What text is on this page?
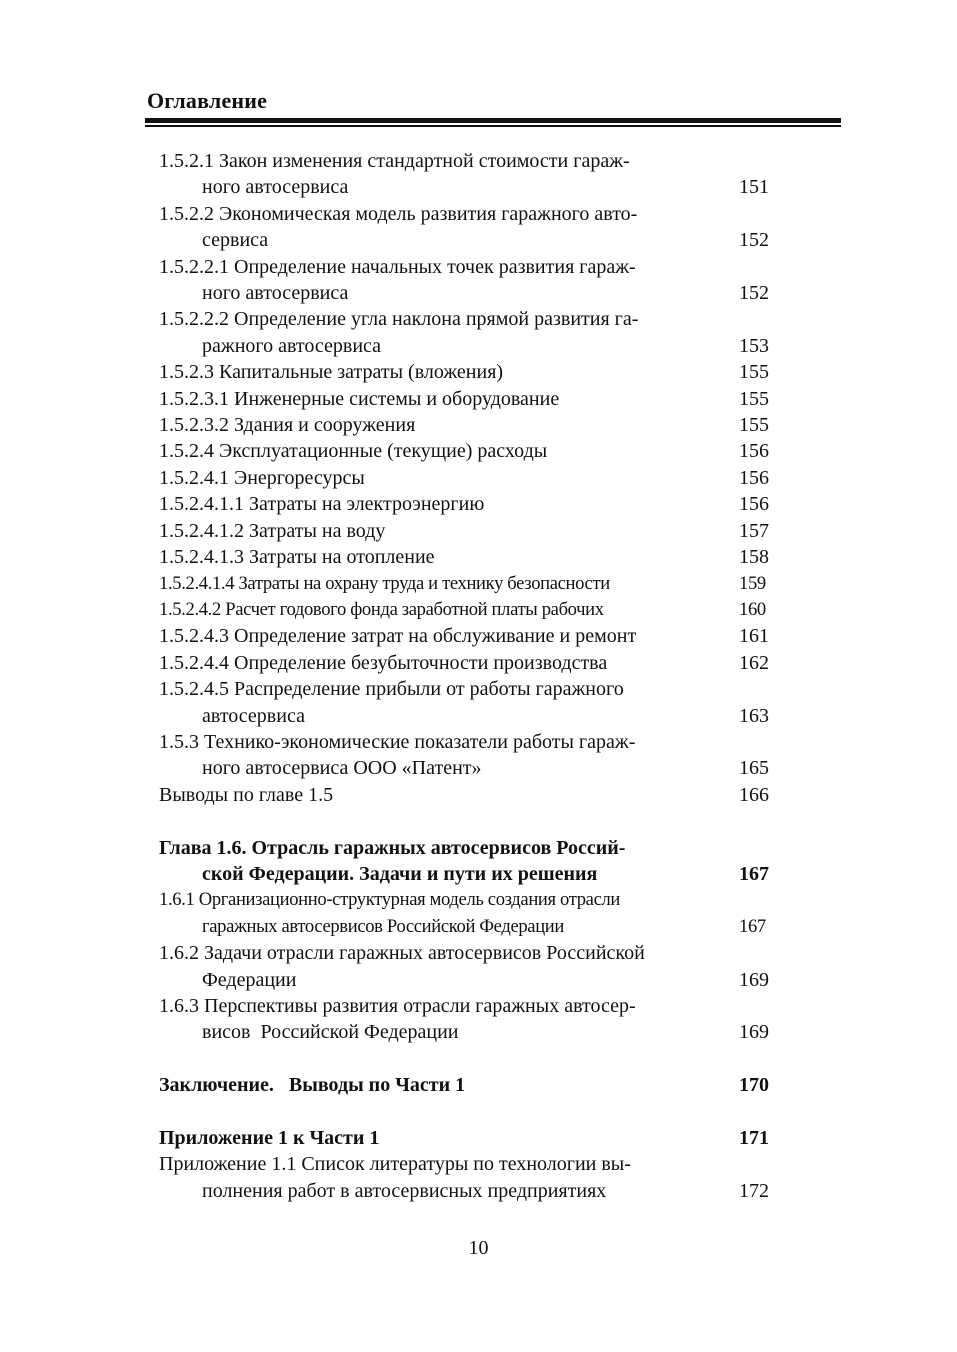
Оглавление
1.5.2.1 Закон изменения стандартной стоимости гараж-
ного автосервиса	151
1.5.2.2 Экономическая модель развития гаражного авто-
сервиса	152
1.5.2.2.1 Определение начальных точек развития гараж-
ного автосервиса	152
1.5.2.2.2 Определение угла наклона прямой развития га-
ражного автосервиса	153
1.5.2.3 Капитальные затраты (вложения)	155
1.5.2.3.1 Инженерные системы и оборудование	155
1.5.2.3.2 Здания и сооружения	155
1.5.2.4 Эксплуатационные (текущие) расходы	156
1.5.2.4.1 Энергоресурсы	156
1.5.2.4.1.1 Затраты на электроэнергию	156
1.5.2.4.1.2 Затраты на воду	157
1.5.2.4.1.3 Затраты на отопление	158
1.5.2.4.1.4 Затраты на охрану труда и технику безопасности	159
1.5.2.4.2 Расчет годового фонда заработной платы рабочих	160
1.5.2.4.3 Определение затрат на обслуживание и ремонт	161
1.5.2.4.4 Определение безубыточности производства	162
1.5.2.4.5 Распределение прибыли от работы гаражного
автосервиса	163
1.5.3 Технико-экономические показатели работы гараж-
ного автосервиса ООО «Патент»	165
Выводы по главе 1.5	166
Глава 1.6. Отрасль гаражных автосервисов Россий-
ской Федерации. Задачи и пути их решения	167
1.6.1 Организационно-структурная модель создания отрасли
гаражных автосервисов Российской Федерации	167
1.6.2 Задачи отрасли гаражных автосервисов Российской
Федерации	169
1.6.3 Перспективы развития отрасли гаражных автосер-
висов  Российской Федерации	169
Заключение.   Выводы по Части 1	170
Приложение 1 к Части 1	171
Приложение 1.1 Список литературы по технологии вы-
полнения работ в автосервисных предприятиях	172
10
